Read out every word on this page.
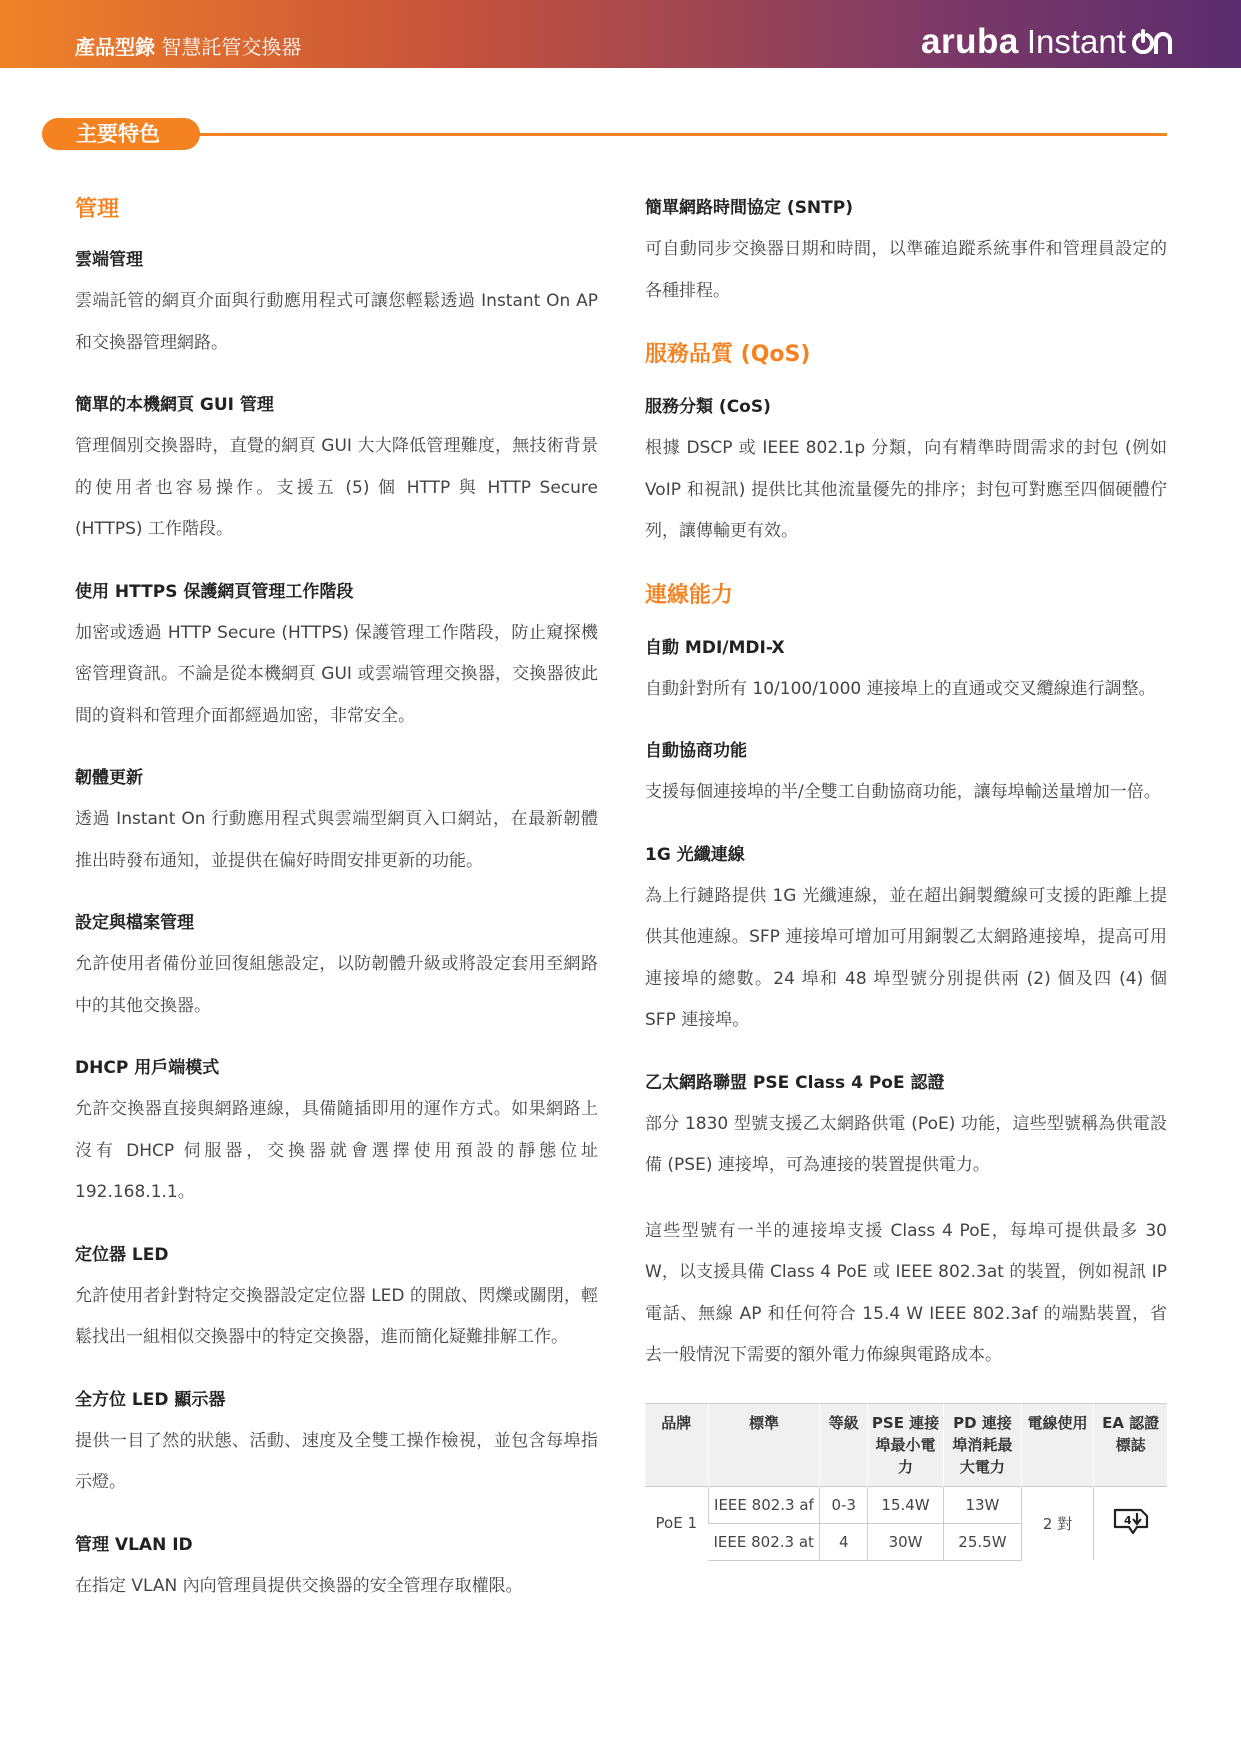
產品型錄 智慧託管交換器	aruba Instant
主要特色
管理
雲端管理

雲端託管的網頁介面與行動應用程式可讓您輕鬆透過 Instant On AP 和交換器管理網路。

簡單的本機網頁 GUI 管理

管理個別交換器時，直覺的網頁 GUI 大大降低管理難度，無技術背景的使用者也容易操作。支援五 (5) 個 HTTP 與 HTTP Secure (HTTPS) 工作階段。

使用 HTTPS 保護網頁管理工作階段

加密或透過 HTTP Secure (HTTPS) 保護管理工作階段，防止窺探機密管理資訊。不論是從本機網頁 GUI 或雲端管理交換器，交換器彼此間的資料和管理介面都經過加密，非常安全。

韌體更新

透過 Instant On 行動應用程式與雲端型網頁入口網站，在最新韌體推出時發布通知，並提供在偏好時間安排更新的功能。

設定與檔案管理

允許使用者備份並回復組態設定，以防韌體升級或將設定套用至網路中的其他交換器。

DHCP 用戶端模式

允許交換器直接與網路連線，具備隨插即用的運作方式。如果網路上沒有 DHCP 伺服器，交換器就會選擇使用預設的靜態位址 192.168.1.1。

定位器 LED

允許使用者針對特定交換器設定定位器 LED 的開啟、閃爍或關閉，輕鬆找出一組相似交換器中的特定交換器，進而簡化疑難排解工作。

全方位 LED 顯示器

提供一目了然的狀態、活動、速度及全雙工操作檢視，並包含每埠指示燈。

管理 VLAN ID

在指定 VLAN 內向管理員提供交換器的安全管理存取權限。

簡單網路時間協定 (SNTP)

可自動同步交換器日期和時間，以準確追蹤系統事件和管理員設定的各種排程。

服務品質 (QoS)
服務分類 (CoS)

根據 DSCP 或 IEEE 802.1p 分類，向有精準時間需求的封包 (例如 VoIP 和視訊) 提供比其他流量優先的排序；封包可對應至四個硬體佇列，讓傳輸更有效。

連線能力
自動 MDI/MDI-X

自動針對所有 10/100/1000 連接埠上的直通或交叉纜線進行調整。

自動協商功能

支援每個連接埠的半/全雙工自動協商功能，讓每埠輸送量增加一倍。

1G 光纖連線

為上行鏈路提供 1G 光纖連線，並在超出銅製纜線可支援的距離上提供其他連線。SFP 連接埠可增加可用銅製乙太網路連接埠，提高可用連接埠的總數。24 埠和 48 埠型號分別提供兩 (2) 個及四 (4) 個 SFP 連接埠。

乙太網路聯盟 PSE Class 4 PoE 認證

部分 1830 型號支援乙太網路供電 (PoE) 功能，這些型號稱為供電設備 (PSE) 連接埠，可為連接的裝置提供電力。

這些型號有一半的連接埠支援 Class 4 PoE，每埠可提供最多 30 W，以支援具備 Class 4 PoE 或 IEEE 802.3at 的裝置，例如視訊 IP 電話、無線 AP 和任何符合 15.4 W IEEE 802.3af 的端點裝置，省去一般情況下需要的額外電力佈線與電路成本。

品牌	標準	等級	PSE 連接埠最小電力	PD 連接埠消耗最大電力	電線使用	EA 認證標誌
PoE 1	IEEE 802.3 af	0-3	15.4W	13W	2 對	4

	IEEE 802.3 at	4	30W	25.5W		
